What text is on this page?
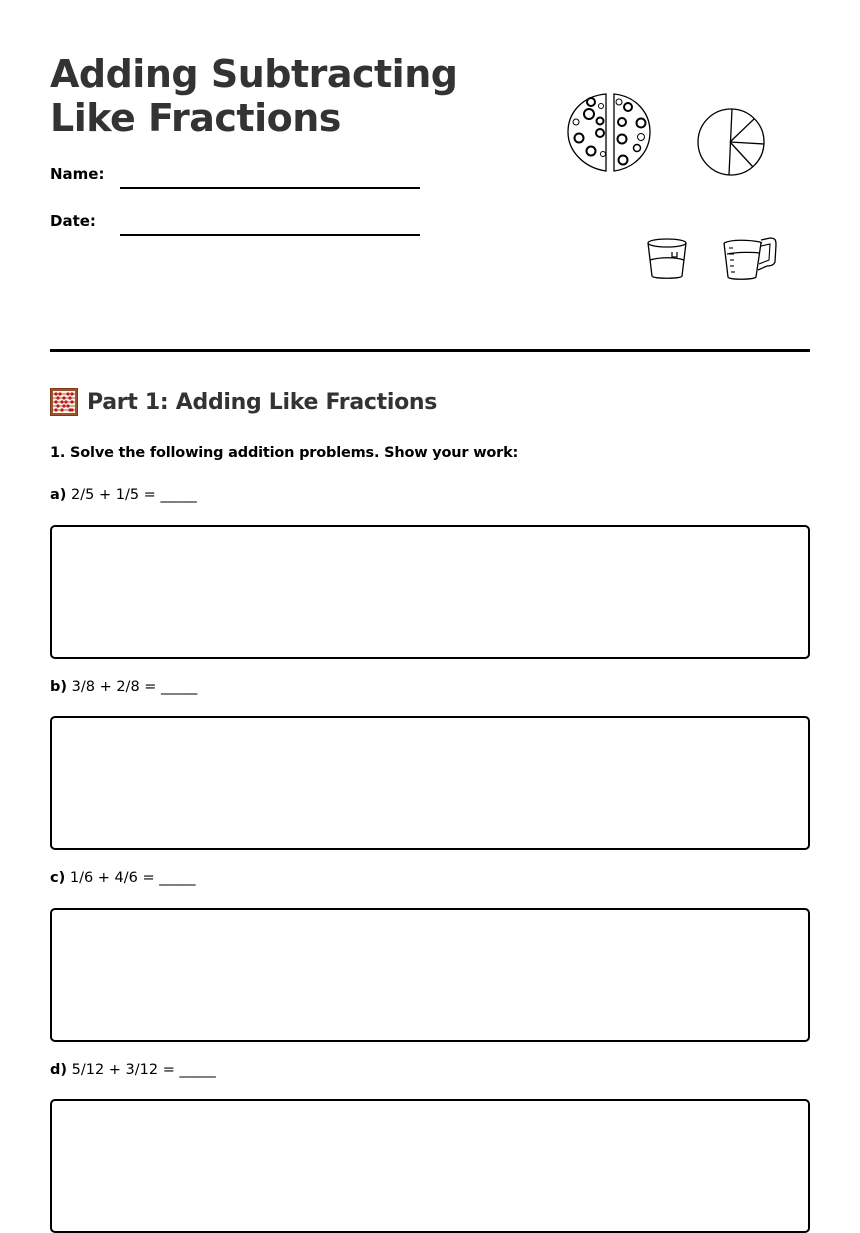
Adding Subtracting Like Fractions
Name:
Date:
Part 1: Adding Like Fractions
1. Solve the following addition problems. Show your work:
a) 2/5 + 1/5 = _____
b) 3/8 + 2/8 = _____
c) 1/6 + 4/6 = _____
d) 5/12 + 3/12 = _____
